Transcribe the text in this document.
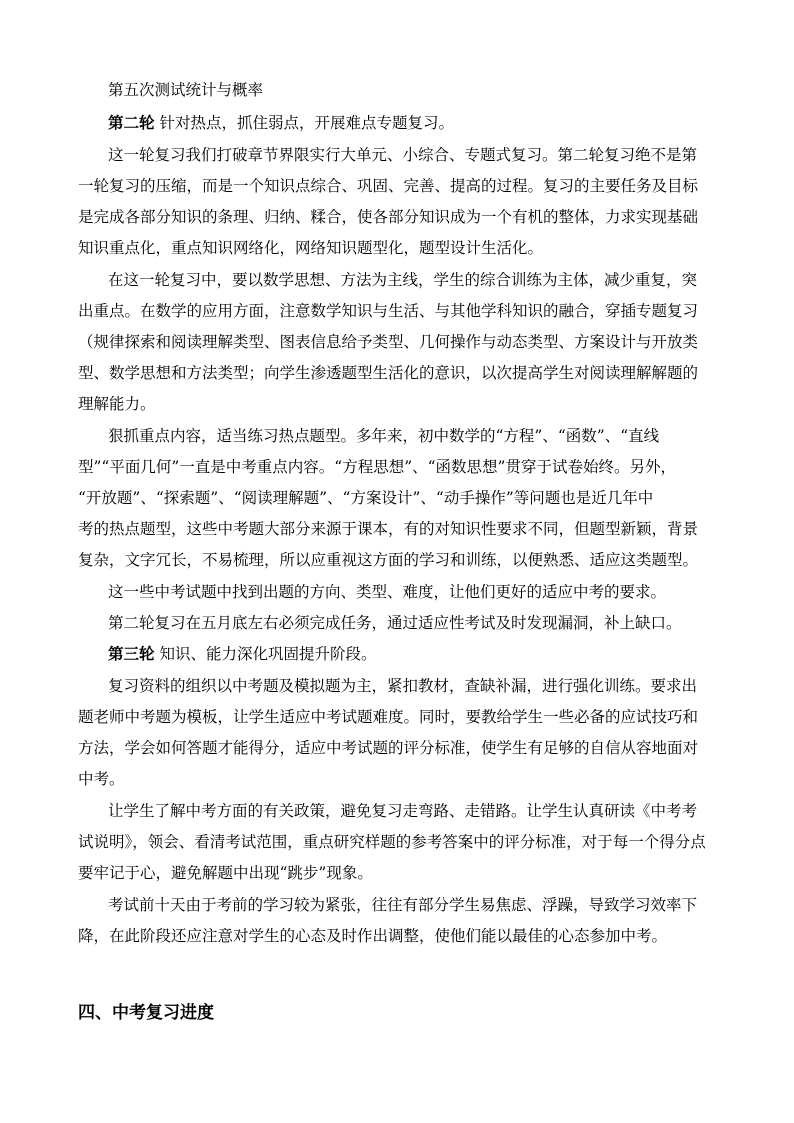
第五次测试统计与概率
第二轮 针对热点，抓住弱点，开展难点专题复习。
这一轮复习我们打破章节界限实行大单元、小综合、专题式复习。第二轮复习绝不是第
一轮复习的压缩，而是一个知识点综合、巩固、完善、提高的过程。复习的主要任务及目标
是完成各部分知识的条理、归纳、糅合，使各部分知识成为一个有机的整体，力求实现基础
知识重点化，重点知识网络化，网络知识题型化，题型设计生活化。
在这一轮复习中，要以数学思想、方法为主线，学生的综合训练为主体，减少重复，突
出重点。在数学的应用方面，注意数学知识与生活、与其他学科知识的融合，穿插专题复习
（规律探索和阅读理解类型、图表信息给予类型、几何操作与动态类型、方案设计与开放类
型、数学思想和方法类型；向学生渗透题型生活化的意识，以次提高学生对阅读理解解题的
理解能力。
狠抓重点内容，适当练习热点题型。多年来，初中数学的“方程”、“函数”、“直线
型”“平面几何”一直是中考重点内容。“方程思想”、“函数思想”贯穿于试卷始终。另外，
“开放题”、“探索题”、“阅读理解题”、“方案设计”、“动手操作”等问题也是近几年中
考的热点题型，这些中考题大部分来源于课本，有的对知识性要求不同，但题型新颖，背景
复杂，文字冗长，不易梳理，所以应重视这方面的学习和训练，以便熟悉、适应这类题型。
这一些中考试题中找到出题的方向、类型、难度，让他们更好的适应中考的要求。
第二轮复习在五月底左右必须完成任务，通过适应性考试及时发现漏洞，补上缺口。
第三轮 知识、能力深化巩固提升阶段。
复习资料的组织以中考题及模拟题为主，紧扣教材，查缺补漏，进行强化训练。要求出
题老师中考题为模板，让学生适应中考试题难度。同时，要教给学生一些必备的应试技巧和
方法，学会如何答题才能得分，适应中考试题的评分标准，使学生有足够的自信从容地面对
中考。
让学生了解中考方面的有关政策，避免复习走弯路、走错路。让学生认真研读《中考考
试说明》，领会、看清考试范围，重点研究样题的参考答案中的评分标准，对于每一个得分点
要牢记于心，避免解题中出现“跳步”现象。
考试前十天由于考前的学习较为紧张，往往有部分学生易焦虑、浮躁，导致学习效率下
降，在此阶段还应注意对学生的心态及时作出调整，使他们能以最佳的心态参加中考。
四、中考复习进度
